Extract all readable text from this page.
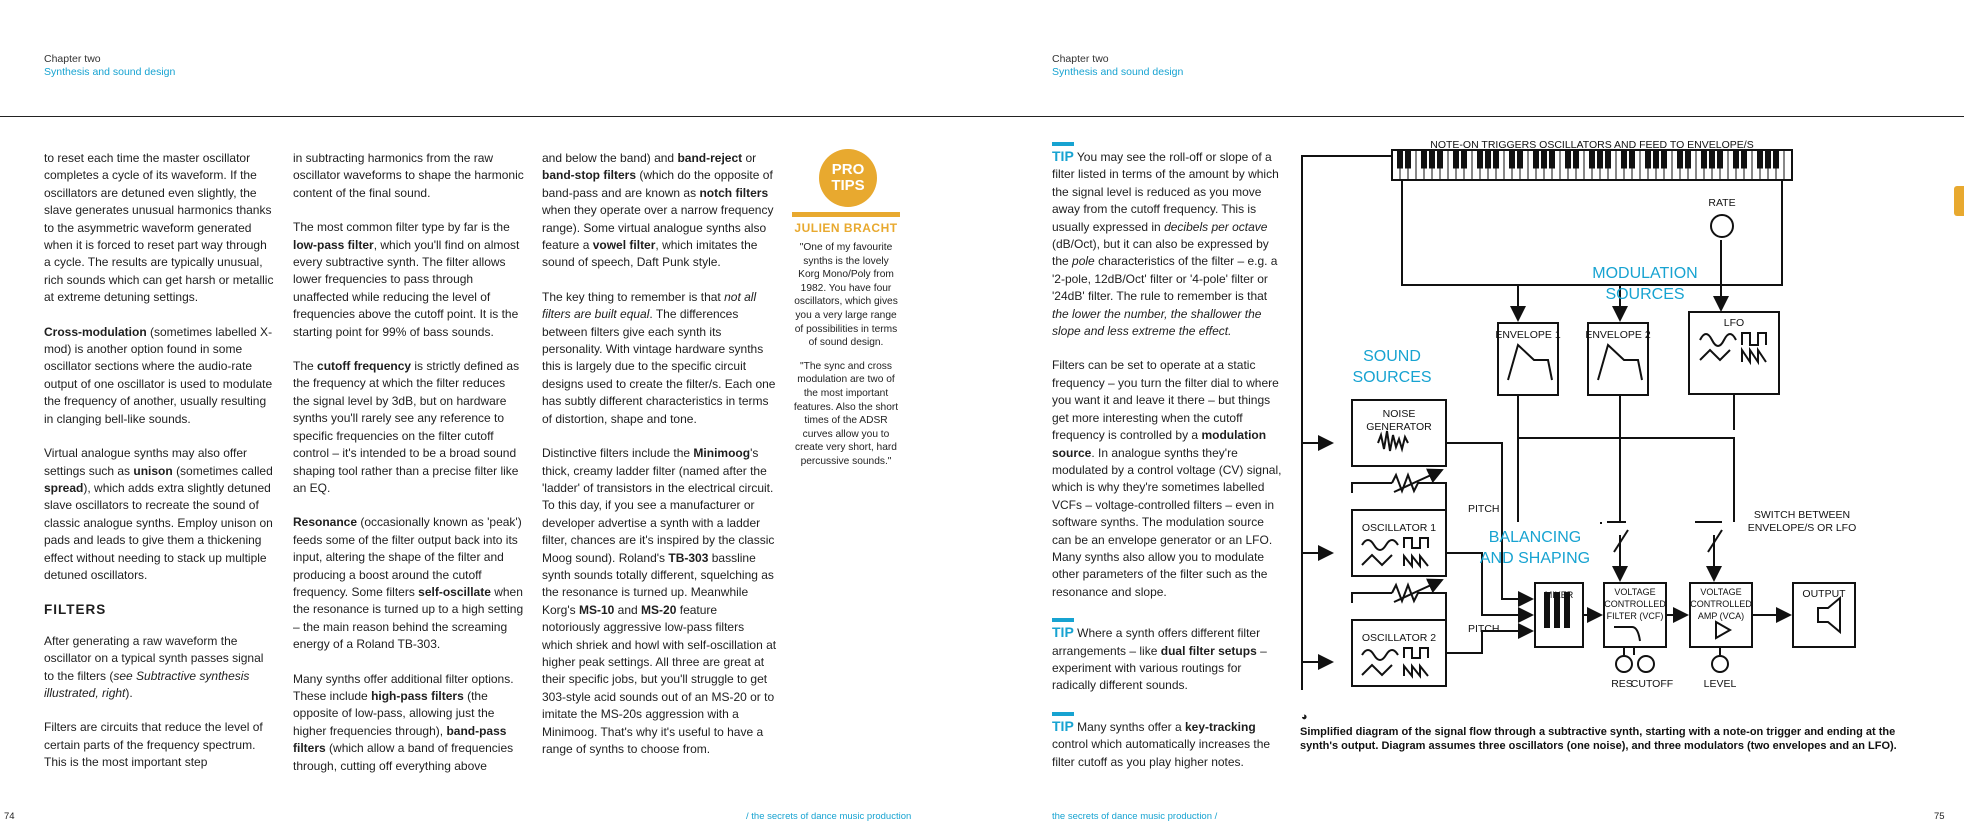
Chapter two
Synthesis and sound design

to reset each time the master oscillator completes a cycle of its waveform. If the oscillators are detuned even slightly, the slave generates unusual harmonics thanks to the asymmetric waveform generated when it is forced to reset part way through a cycle. The results are typically unusual, rich sounds which can get harsh or metallic at extreme detuning settings.

Cross-modulation (sometimes labelled X-mod) is another option found in some oscillator sections where the audio-rate output of one oscillator is used to modulate the frequency of another, usually resulting in clanging bell-like sounds.

Virtual analogue synths may also offer settings such as unison (sometimes called spread), which adds extra slightly detuned slave oscillators to recreate the sound of classic analogue synths. Employ unison on pads and leads to give them a thickening effect without needing to stack up multiple detuned oscillators.

FILTERS

After generating a raw waveform the oscillator on a typical synth passes signal to the filters (see Subtractive synthesis illustrated, right).

Filters are circuits that reduce the level of certain parts of the frequency spectrum. This is the most important step

in subtracting harmonics from the raw oscillator waveforms to shape the harmonic content of the final sound.

The most common filter type by far is the low-pass filter, which you'll find on almost every subtractive synth. The filter allows lower frequencies to pass through unaffected while reducing the level of frequencies above the cutoff point. It is the starting point for 99% of bass sounds.

The cutoff frequency is strictly defined as the frequency at which the filter reduces the signal level by 3dB, but on hardware synths you'll rarely see any reference to specific frequencies on the filter cutoff control – it's intended to be a broad sound shaping tool rather than a precise filter like an EQ.

Resonance (occasionally known as 'peak') feeds some of the filter output back into its input, altering the shape of the filter and producing a boost around the cutoff frequency. Some filters self-oscillate when the resonance is turned up to a high setting – the main reason behind the screaming energy of a Roland TB-303.

Many synths offer additional filter options. These include high-pass filters (the opposite of low-pass, allowing just the higher frequencies through), band-pass filters (which allow a band of frequencies through, cutting off everything above

and below the band) and band-reject or band-stop filters (which do the opposite of band-pass and are known as notch filters when they operate over a narrow frequency range). Some virtual analogue synths also feature a vowel filter, which imitates the sound of speech, Daft Punk style.

The key thing to remember is that not all filters are built equal. The differences between filters give each synth its personality. With vintage hardware synths this is largely due to the specific circuit designs used to create the filter/s. Each one has subtly different characteristics in terms of distortion, shape and tone.

Distinctive filters include the Minimoog's thick, creamy ladder filter (named after the 'ladder' of transistors in the electrical circuit. To this day, if you see a manufacturer or developer advertise a synth with a ladder filter, chances are it's inspired by the classic Moog sound). Roland's TB-303 bassline synth sounds totally different, squelching as the resonance is turned up. Meanwhile Korg's MS-10 and MS-20 feature notoriously aggressive low-pass filters which shriek and howl with self-oscillation at higher peak settings. All three are great at their specific jobs, but you'll struggle to get 303-style acid sounds out of an MS-20 or to imitate the MS-20s aggression with a Minimoog. That's why it's useful to have a range of synths to choose from.

PRO
TIPS
JULIEN BRACHT

"One of my favourite synths is the lovely Korg Mono/Poly from 1982. You have four oscillators, which gives you a very large range of possibilities in terms of sound design.

"The sync and cross modulation are two of the most important features. Also the short times of the ADSR curves allow you to create very short, hard percussive sounds."

74	/ the secrets of dance music production
Chapter two
Synthesis and sound design

TIP You may see the roll-off or slope of a filter listed in terms of the amount by which the signal level is reduced as you move away from the cutoff frequency. This is usually expressed in decibels per octave (dB/Oct), but it can also be expressed by the pole characteristics of the filter – e.g. a '2-pole, 12dB/Oct' filter or '4-pole' filter or '24dB' filter. The rule to remember is that the lower the number, the shallower the slope and less extreme the effect.

Filters can be set to operate at a static frequency – you turn the filter dial to where you want it and leave it there – but things get more interesting when the cutoff frequency is controlled by a modulation source. In analogue synths they're modulated by a control voltage (CV) signal, which is why they're sometimes labelled VCFs – voltage-controlled filters – even in software synths. The modulation source can be an envelope generator or an LFO. Many synths also allow you to modulate other parameters of the filter such as the resonance and slope.

TIP Where a synth offers different filter arrangements – like dual filter setups – experiment with various routings for radically different sounds.

TIP Many synths offer a key-tracking control which automatically increases the filter cutoff as you play higher notes.

NOTE-ON TRIGGERS OSCILLATORS AND FEED TO ENVELOPE/S
RATE
ENVELOPE 1 ENVELOPE 2
LFO
NOISE
GENERATOR
OSCILLATOR 1
OSCILLATOR 2
MIXER	VOLTAGE
CONTROLLED
FILTER (VCF)
VOLTAGE
CONTROLLED
AMP (VCA)
OUTPUT
RES
CUTOFF	LEVEL
SWITCH BETWEEN
ENVELOPE/S OR LFO
PITCH
PITCH
MODULATION
SOURCES
SOUND
SOURCES
BALANCING
AND SHAPING
◕
Simplified diagram of the signal flow through a subtractive synth, starting with a note-on trigger and ending at the synth's output. Diagram assumes three oscillators (one noise), and three modulators (two envelopes and an LFO).
the secrets of dance music production /	75
